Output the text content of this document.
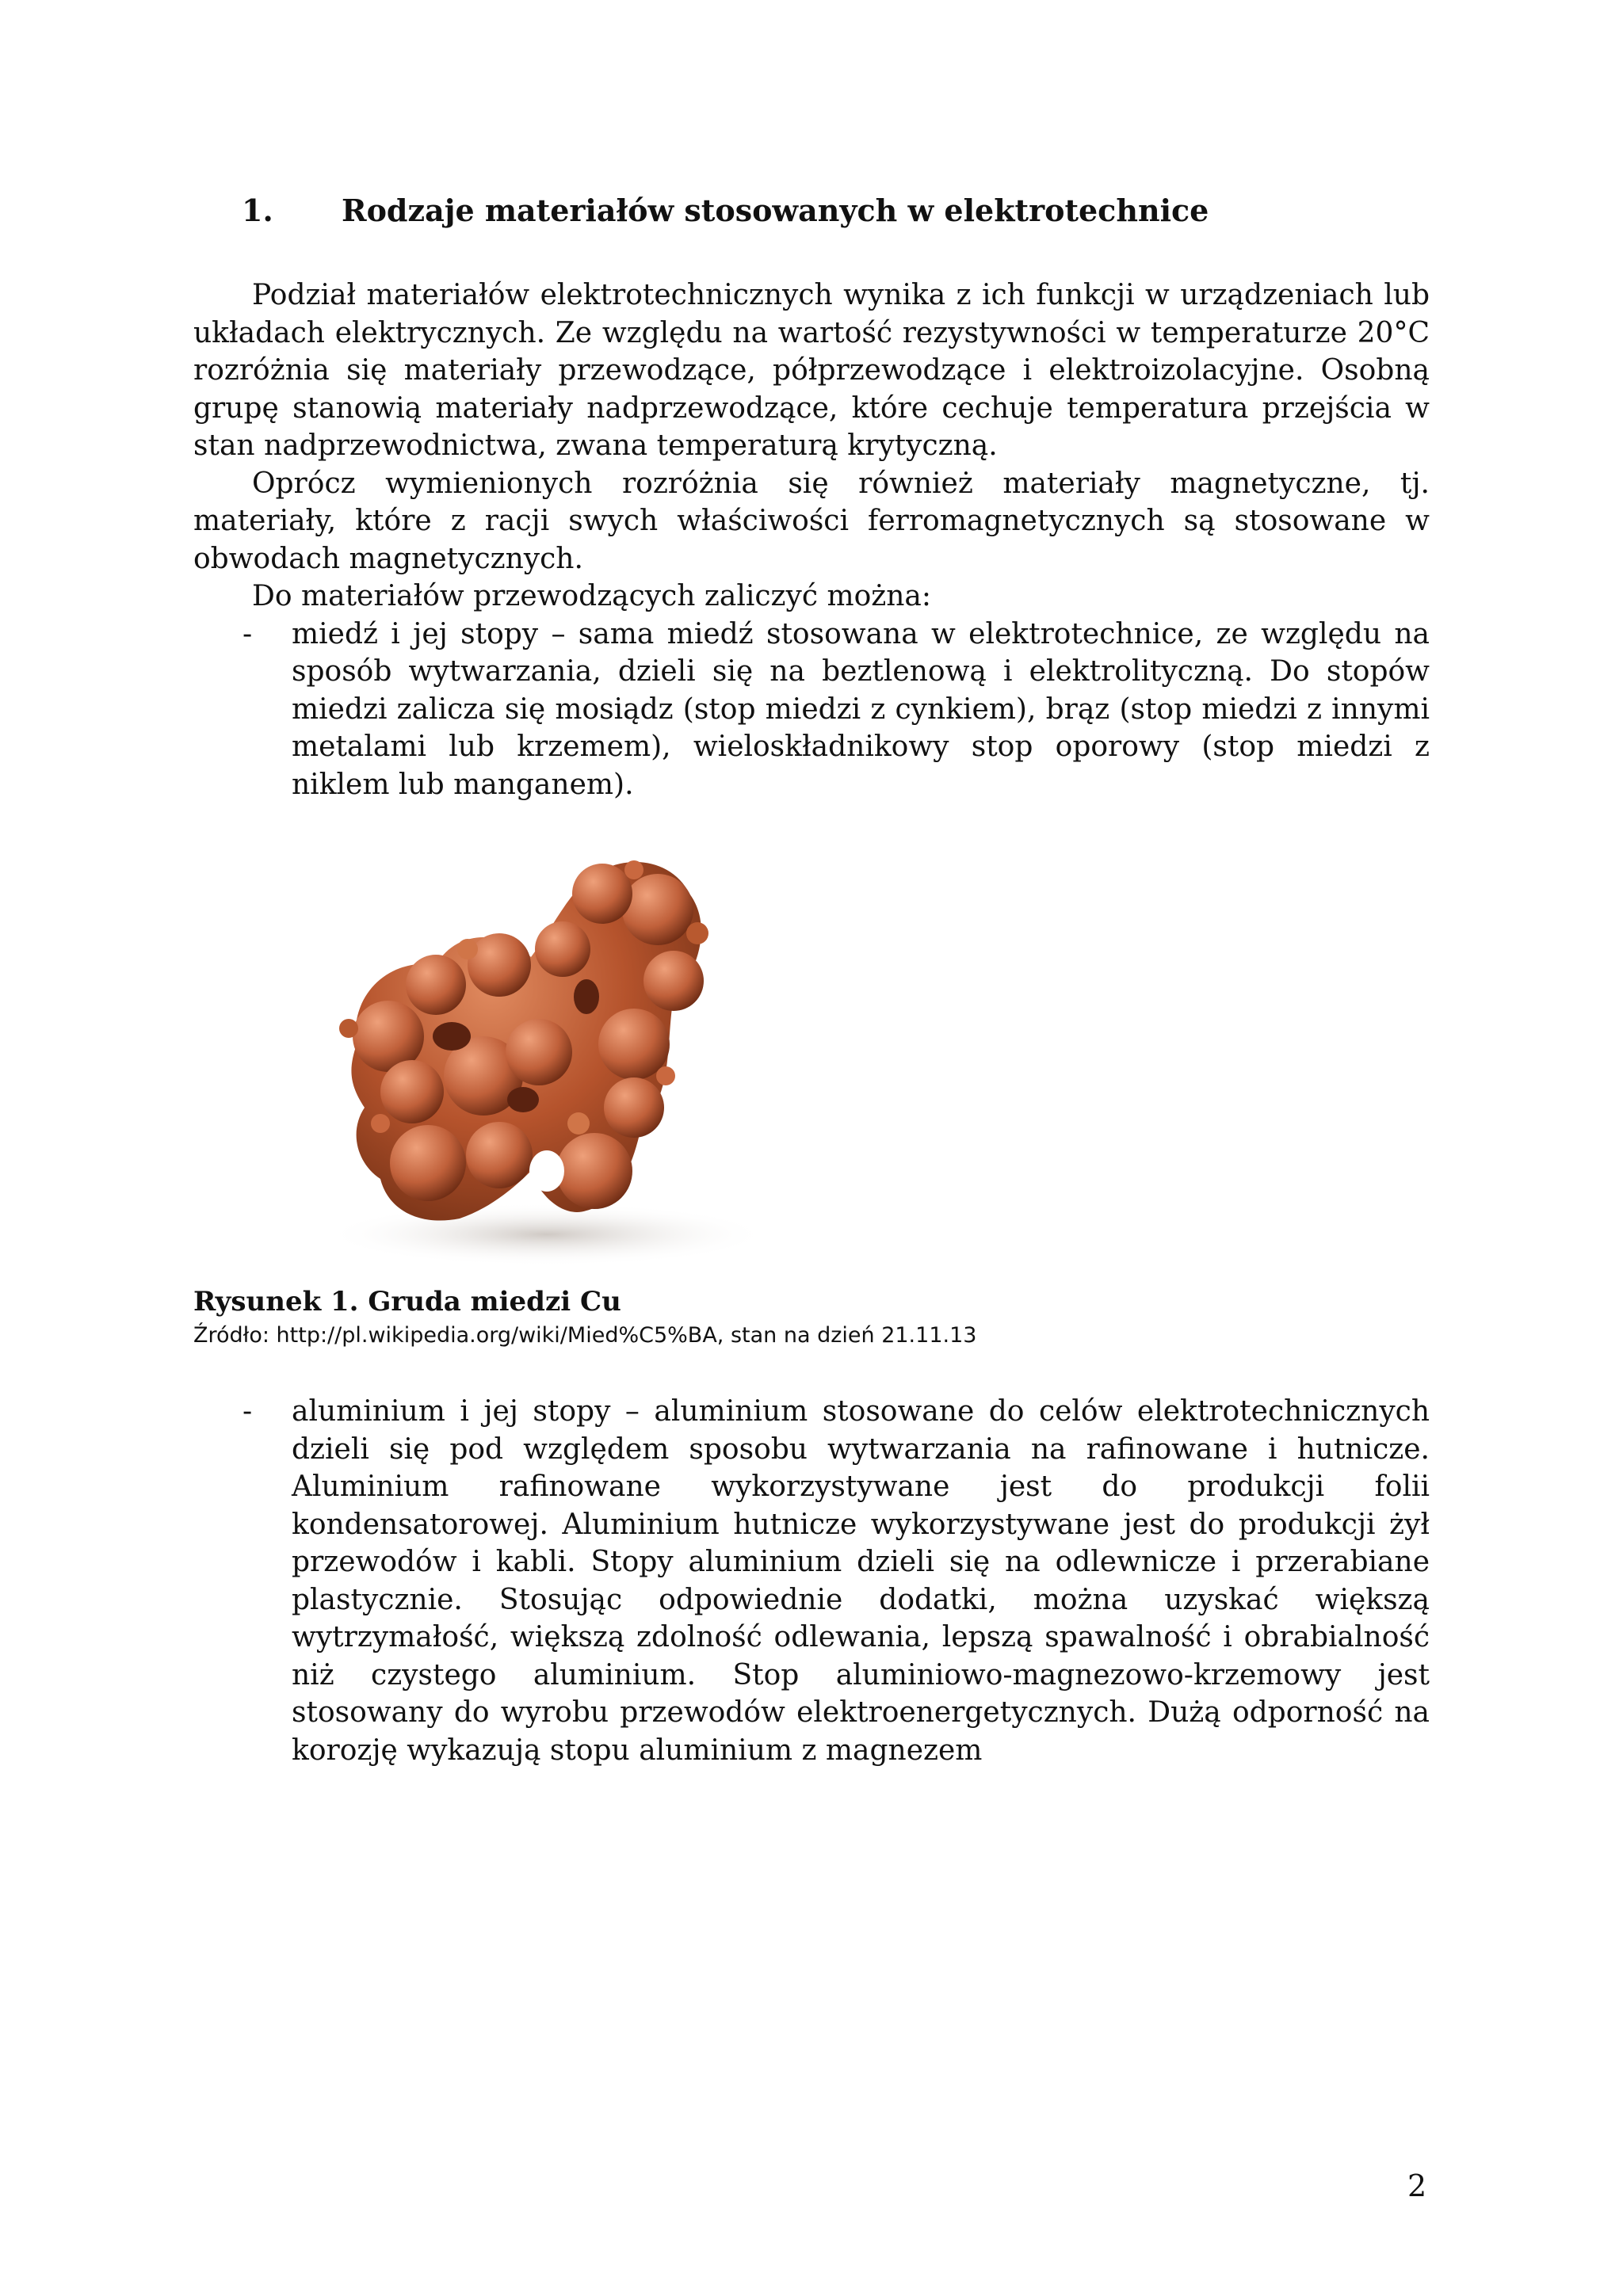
1. Rodzaje materiałów stosowanych w elektrotechnice

Podział materiałów elektrotechnicznych wynika z ich funkcji w urządzeniach lub układach elektrycznych. Ze względu na wartość rezystywności w temperaturze 20°C rozróżnia się materiały przewodzące, półprzewodzące i elektroizolacyjne. Osobną grupę stanowią materiały nadprzewodzące, które cechuje temperatura przejścia w stan nadprzewodnictwa, zwana temperaturą krytyczną.

Oprócz wymienionych rozróżnia się również materiały magnetyczne, tj. materiały, które z racji swych właściwości ferromagnetycznych są stosowane w obwodach magnetycznych.

Do materiałów przewodzących zaliczyć można:

- miedź i jej stopy – sama miedź stosowana w elektrotechnice, ze względu na sposób wytwarzania, dzieli się na beztlenową i elektrolityczną. Do stopów miedzi zalicza się mosiądz (stop miedzi z cynkiem), brąz (stop miedzi z innymi metalami lub krzemem), wieloskładnikowy stop oporowy (stop miedzi z niklem lub manganem).

Rysunek 1. Gruda miedzi Cu
Źródło: http://pl.wikipedia.org/wiki/Mied%C5%BA, stan na dzień 21.11.13

- aluminium i jej stopy – aluminium stosowane do celów elektrotechnicznych dzieli się pod względem sposobu wytwarzania na rafinowane i hutnicze. Aluminium rafinowane wykorzystywane jest do produkcji folii kondensatorowej. Aluminium hutnicze wykorzystywane jest do produkcji żył przewodów i kabli. Stopy aluminium dzieli się na odlewnicze i przerabiane plastycznie. Stosując odpowiednie dodatki, można uzyskać większą wytrzymałość, większą zdolność odlewania, lepszą spawalność i obrabialność niż czystego aluminium. Stop aluminiowo-magnezowo-krzemowy jest stosowany do wyrobu przewodów elektroenergetycznych. Dużą odporność na korozję wykazują stopu aluminium z magnezem

2
